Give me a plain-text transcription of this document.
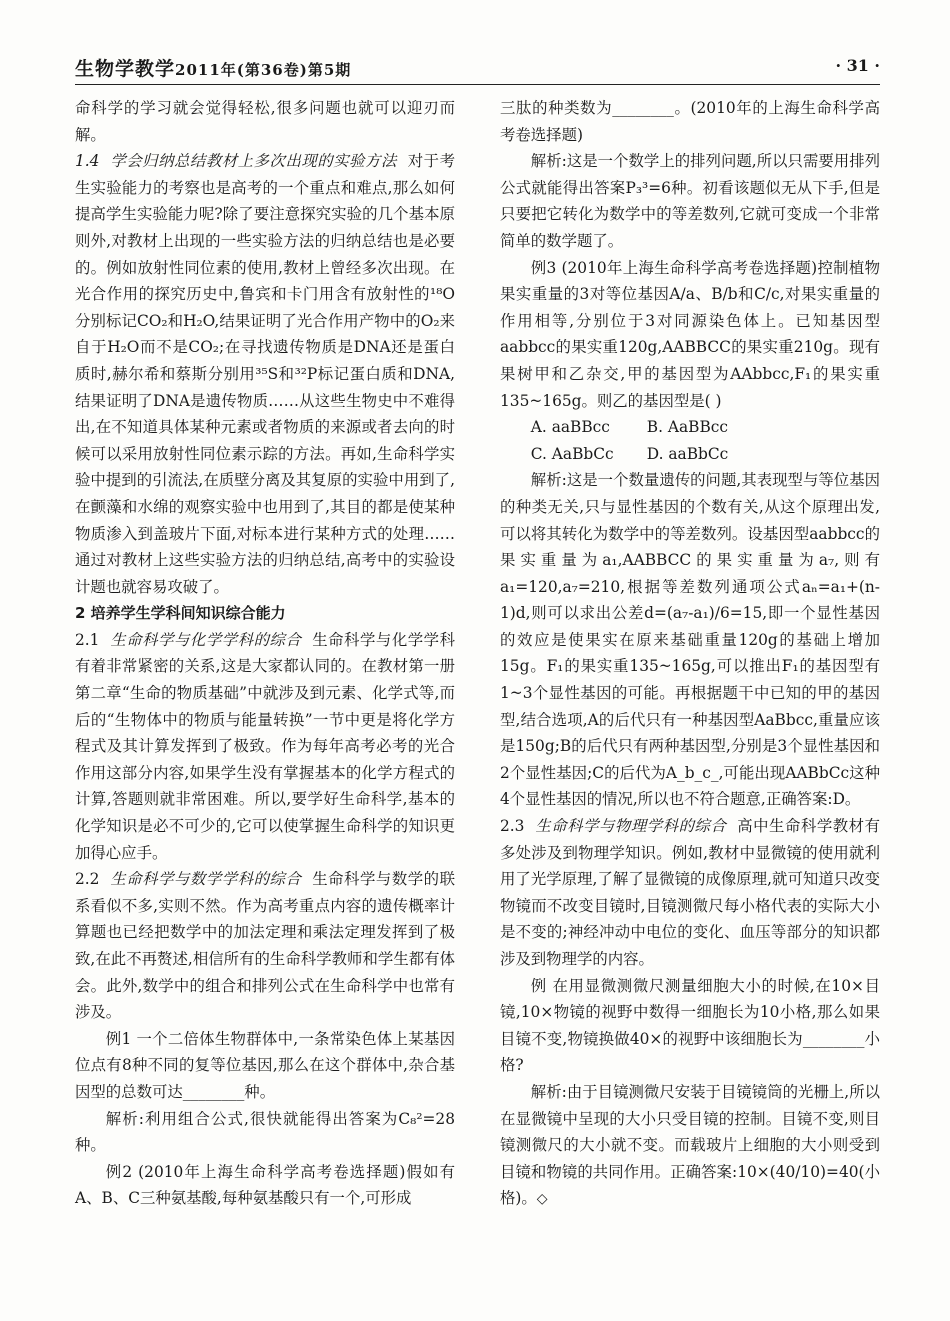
生物学教学2011年(第36卷)第5期	· 31 ·

命科学的学习就会觉得轻松,很多问题也就可以迎刃而解。

1.4 学会归纳总结教材上多次出现的实验方法 对于考生实验能力的考察也是高考的一个重点和难点,那么如何提高学生实验能力呢?除了要注意探究实验的几个基本原则外,对教材上出现的一些实验方法的归纳总结也是必要的。例如放射性同位素的使用,教材上曾经多次出现。在光合作用的探究历史中,鲁宾和卡门用含有放射性的¹⁸O分别标记CO₂和H₂O,结果证明了光合作用产物中的O₂来自于H₂O而不是CO₂;在寻找遗传物质是DNA还是蛋白质时,赫尔希和蔡斯分别用³⁵S和³²P标记蛋白质和DNA,结果证明了DNA是遗传物质……从这些生物史中不难得出,在不知道具体某种元素或者物质的来源或者去向的时候可以采用放射性同位素示踪的方法。再如,生命科学实验中提到的引流法,在质壁分离及其复原的实验中用到了,在颤藻和水绵的观察实验中也用到了,其目的都是使某种物质渗入到盖玻片下面,对标本进行某种方式的处理……通过对教材上这些实验方法的归纳总结,高考中的实验设计题也就容易攻破了。

2 培养学生学科间知识综合能力

2.1 生命科学与化学学科的综合 生命科学与化学学科有着非常紧密的关系,这是大家都认同的。在教材第一册第二章“生命的物质基础”中就涉及到元素、化学式等,而后的“生物体中的物质与能量转换”一节中更是将化学方程式及其计算发挥到了极致。作为每年高考必考的光合作用这部分内容,如果学生没有掌握基本的化学方程式的计算,答题则就非常困难。所以,要学好生命科学,基本的化学知识是必不可少的,它可以使掌握生命科学的知识更加得心应手。

2.2 生命科学与数学学科的综合 生命科学与数学的联系看似不多,实则不然。作为高考重点内容的遗传概率计算题也已经把数学中的加法定理和乘法定理发挥到了极致,在此不再赘述,相信所有的生命科学教师和学生都有体会。此外,数学中的组合和排列公式在生命科学中也常有涉及。

例1 一个二倍体生物群体中,一条常染色体上某基因位点有8种不同的复等位基因,那么在这个群体中,杂合基因型的总数可达________种。

解析:利用组合公式,很快就能得出答案为C₈²=28种。

例2 (2010年上海生命科学高考卷选择题)假如有A、B、C三种氨基酸,每种氨基酸只有一个,可形成

三肽的种类数为________。(2010年的上海生命科学高考卷选择题)

解析:这是一个数学上的排列问题,所以只需要用排列公式就能得出答案P₃³=6种。初看该题似无从下手,但是只要把它转化为数学中的等差数列,它就可变成一个非常简单的数学题了。

例3 (2010年上海生命科学高考卷选择题)控制植物果实重量的3对等位基因A/a、B/b和C/c,对果实重量的作用相等,分别位于3对同源染色体上。已知基因型aabbcc的果实重120g,AABBCC的果实重210g。现有果树甲和乙杂交,甲的基因型为AAbbcc,F₁的果实重135~165g。则乙的基因型是( )

A. aaBBcc	B. AaBBcc
C. AaBbCc	D. aaBbCc

解析:这是一个数量遗传的问题,其表现型与等位基因的种类无关,只与显性基因的个数有关,从这个原理出发,可以将其转化为数学中的等差数列。设基因型aabbcc的果实重量为a₁,AABBCC的果实重量为a₇,则有a₁=120,a₇=210,根据等差数列通项公式aₙ=a₁+(n-1)d,则可以求出公差d=(a₇-a₁)/6=15,即一个显性基因的效应是使果实在原来基础重量120g的基础上增加15g。F₁的果实重135~165g,可以推出F₁的基因型有1~3个显性基因的可能。再根据题干中已知的甲的基因型,结合选项,A的后代只有一种基因型AaBbcc,重量应该是150g;B的后代只有两种基因型,分别是3个显性基因和2个显性基因;C的后代为A_b_c_,可能出现AABbCc这种4个显性基因的情况,所以也不符合题意,正确答案:D。

2.3 生命科学与物理学科的综合 高中生命科学教材有多处涉及到物理学知识。例如,教材中显微镜的使用就利用了光学原理,了解了显微镜的成像原理,就可知道只改变物镜而不改变目镜时,目镜测微尺每小格代表的实际大小是不变的;神经冲动中电位的变化、血压等部分的知识都涉及到物理学的内容。

例 在用显微测微尺测量细胞大小的时候,在10×目镜,10×物镜的视野中数得一细胞长为10小格,那么如果目镜不变,物镜换做40×的视野中该细胞长为________小格?

解析:由于目镜测微尺安装于目镜镜筒的光栅上,所以在显微镜中呈现的大小只受目镜的控制。目镜不变,则目镜测微尺的大小就不变。而载玻片上细胞的大小则受到目镜和物镜的共同作用。正确答案:10×(40/10)=40(小格)。◇
